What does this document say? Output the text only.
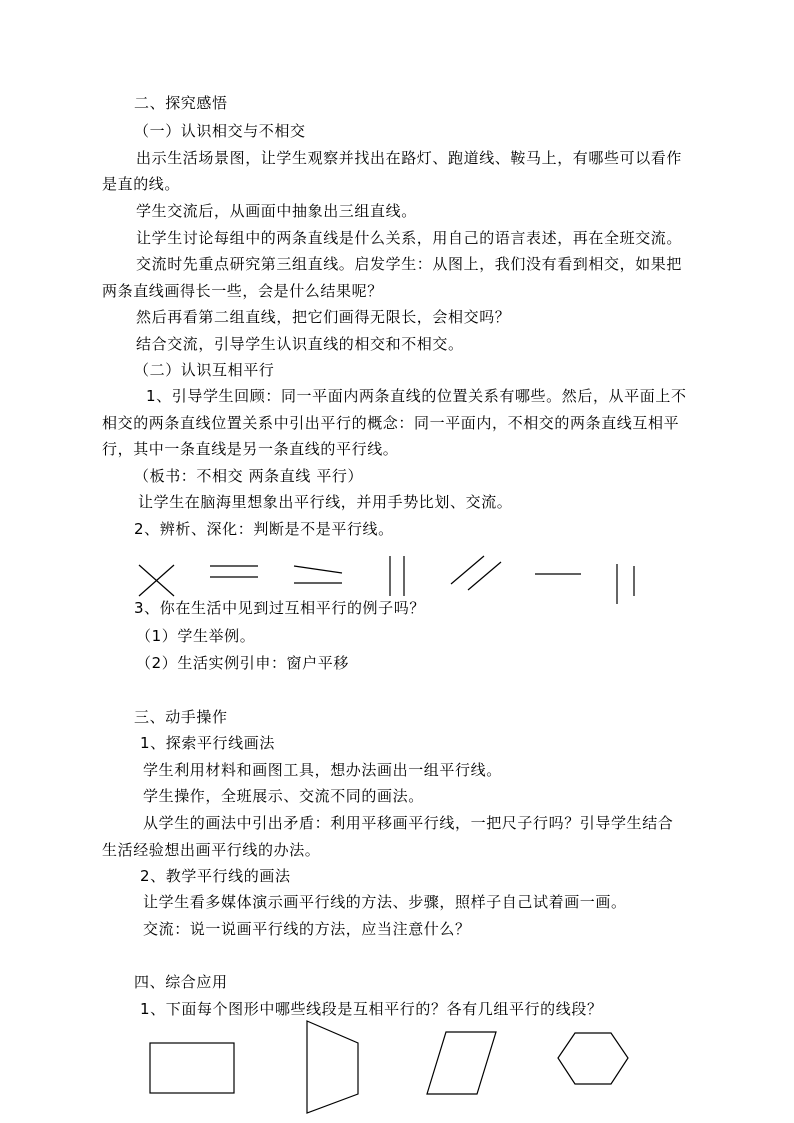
二、探究感悟
（一）认识相交与不相交
出示生活场景图，让学生观察并找出在路灯、跑道线、鞍马上，有哪些可以看作
是直的线。
学生交流后，从画面中抽象出三组直线。
让学生讨论每组中的两条直线是什么关系，用自己的语言表述，再在全班交流。
交流时先重点研究第三组直线。启发学生：从图上，我们没有看到相交，如果把
两条直线画得长一些，会是什么结果呢？
然后再看第二组直线，把它们画得无限长，会相交吗？
结合交流，引导学生认识直线的相交和不相交。
（二）认识互相平行
1、引导学生回顾：同一平面内两条直线的位置关系有哪些。然后，从平面上不
相交的两条直线位置关系中引出平行的概念：同一平面内，不相交的两条直线互相平
行，其中一条直线是另一条直线的平行线。
（板书：不相交 两条直线 平行）
让学生在脑海里想象出平行线，并用手势比划、交流。
2、辨析、深化：判断是不是平行线。
3、你在生活中见到过互相平行的例子吗？
（1）学生举例。
（2）生活实例引申：窗户平移
三、动手操作
1、探索平行线画法
学生利用材料和画图工具，想办法画出一组平行线。
学生操作，全班展示、交流不同的画法。
从学生的画法中引出矛盾：利用平移画平行线，一把尺子行吗？引导学生结合
生活经验想出画平行线的办法。
2、教学平行线的画法
让学生看多媒体演示画平行线的方法、步骤，照样子自己试着画一画。
交流：说一说画平行线的方法，应当注意什么？
四、综合应用
1、下面每个图形中哪些线段是互相平行的？各有几组平行的线段？
